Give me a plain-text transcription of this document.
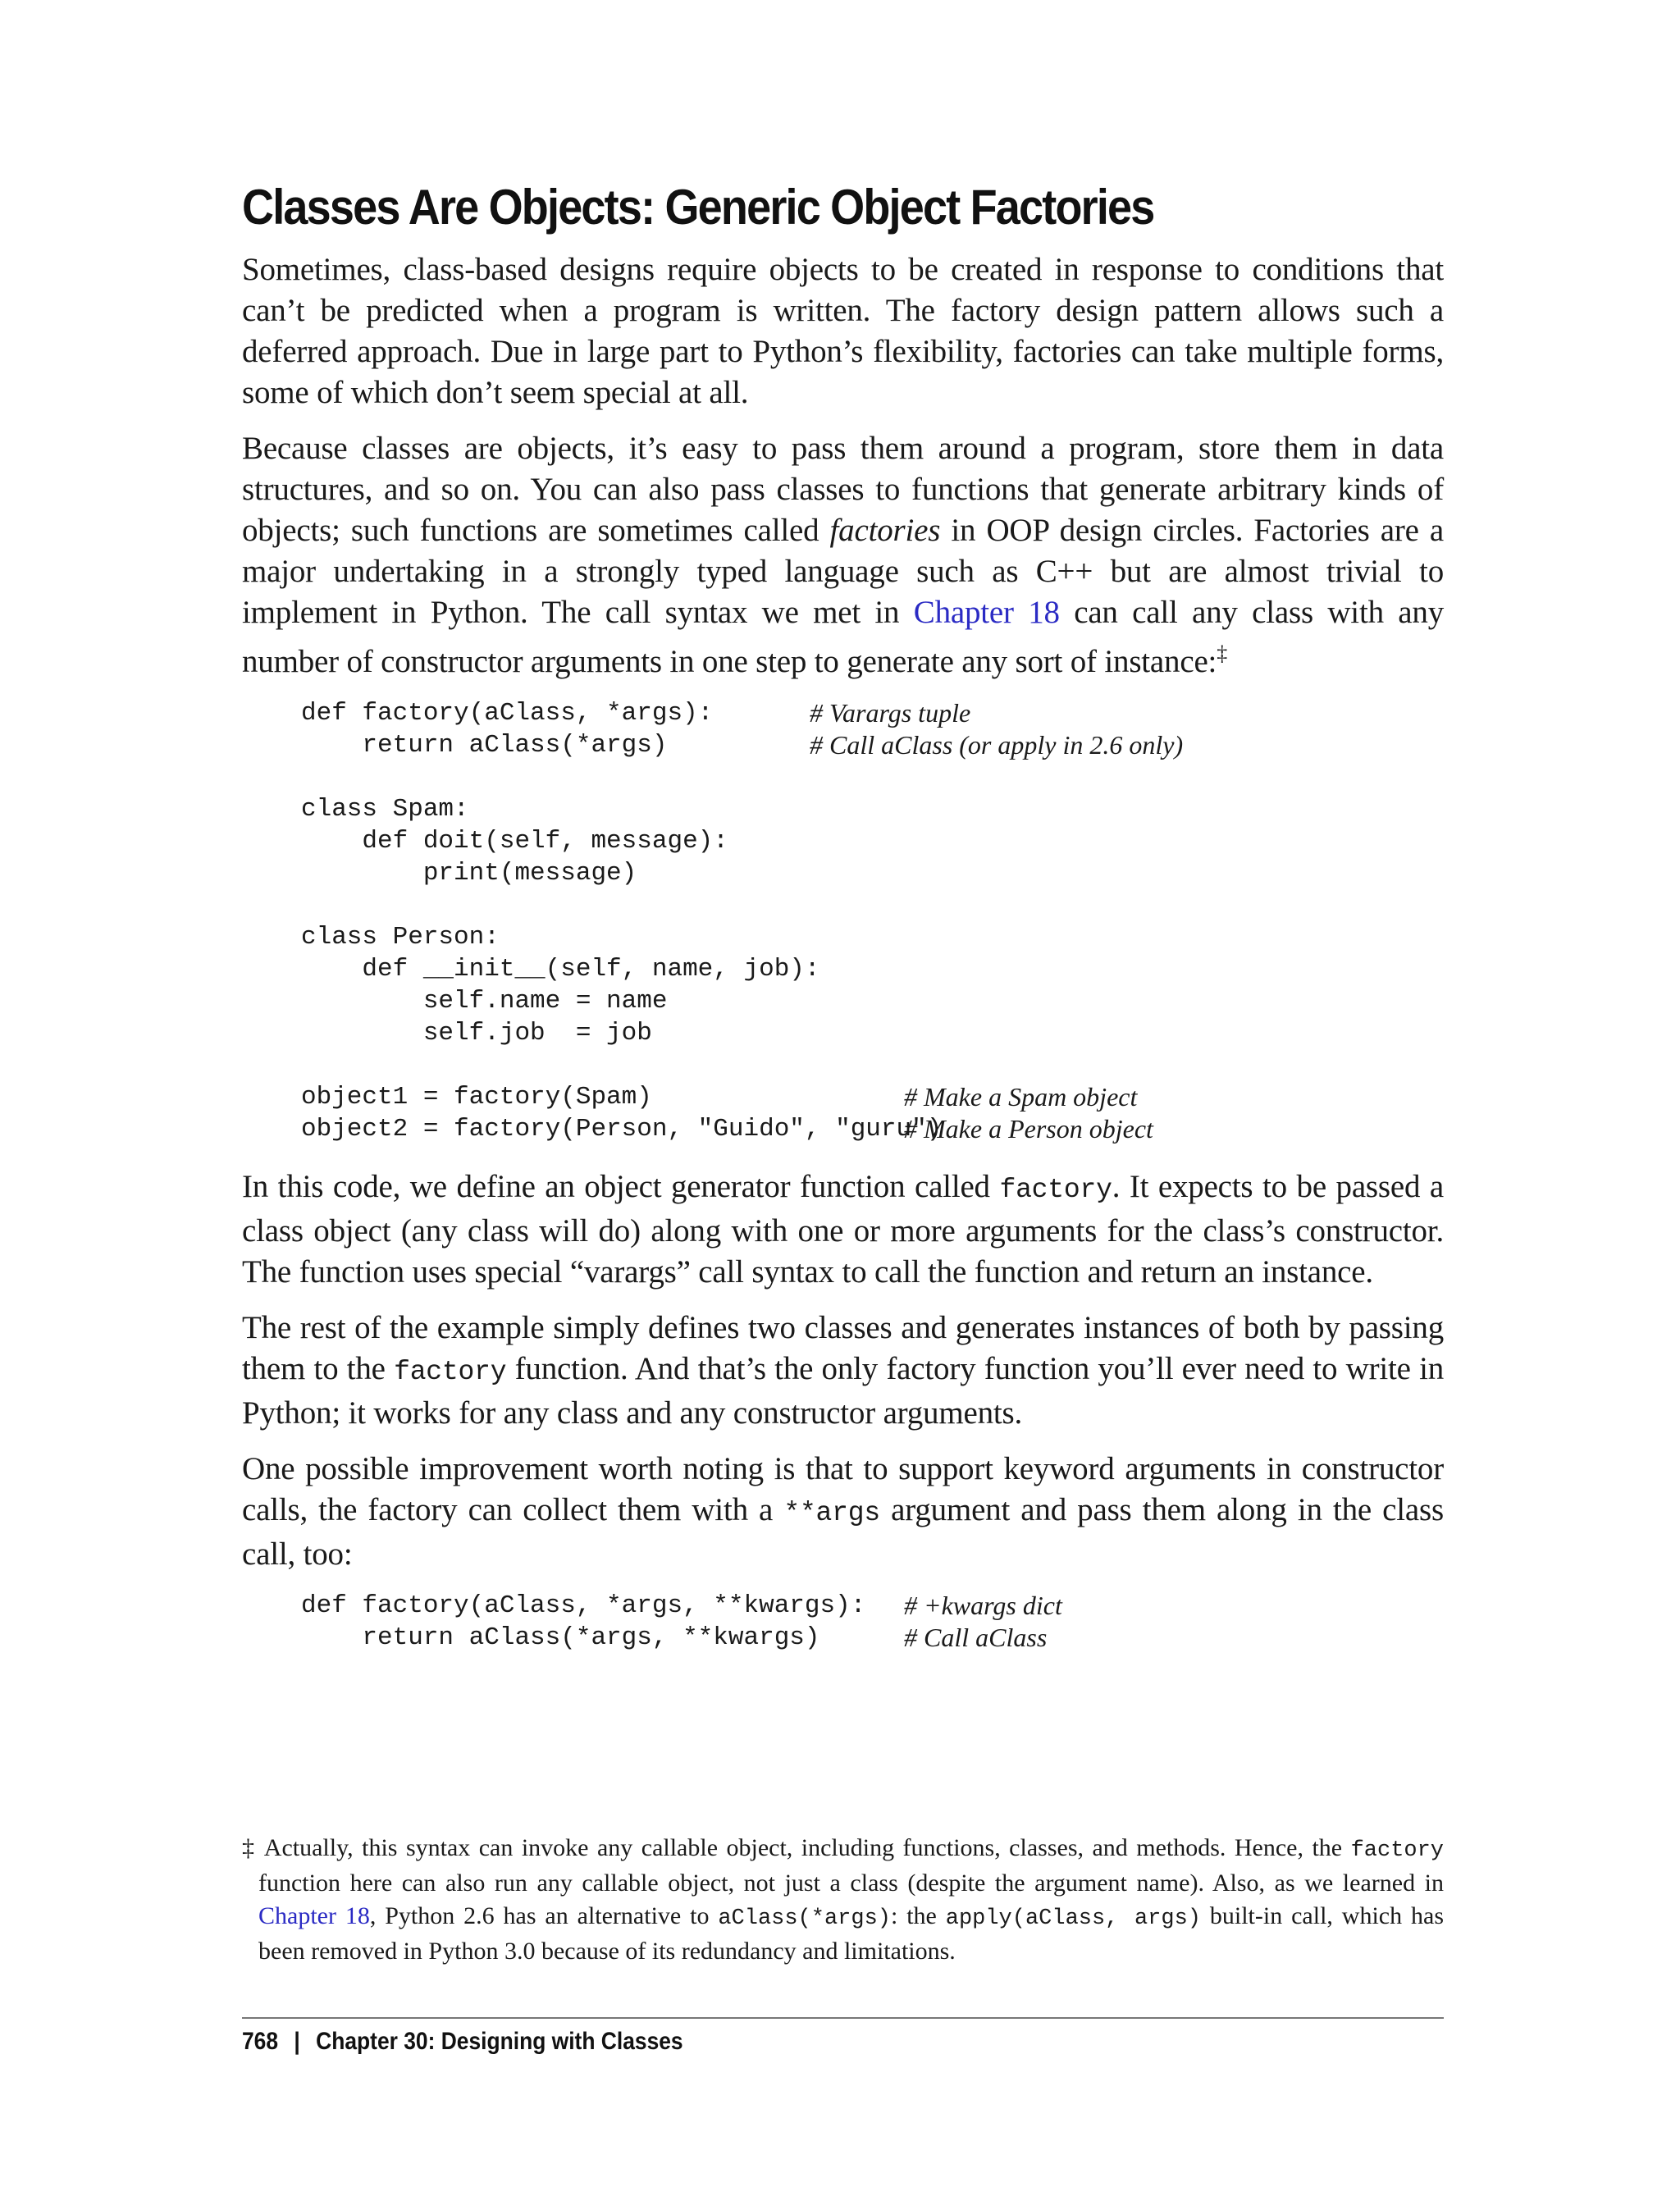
Classes Are Objects: Generic Object Factories

Sometimes, class-based designs require objects to be created in response to conditions that can’t be predicted when a program is written. The factory design pattern allows such a deferred approach. Due in large part to Python’s flexibility, factories can take multiple forms, some of which don’t seem special at all.

Because classes are objects, it’s easy to pass them around a program, store them in data structures, and so on. You can also pass classes to functions that generate arbitrary kinds of objects; such functions are sometimes called factories in OOP design circles. Factories are a major undertaking in a strongly typed language such as C++ but are almost trivial to implement in Python. The call syntax we met in Chapter 18 can call any class with any number of constructor arguments in one step to generate any sort of instance:‡

def factory(aClass, *args):	# Varargs tuple
return aClass(*args)	# Call aClass (or apply in 2.6 only)
class Spam:
def doit(self, message):
print(message)
class Person:
def __init__(self, name, job):
self.name = name
self.job  = job
object1 = factory(Spam)	# Make a Spam object
object2 = factory(Person, "Guido", "guru")
# Make a Person object

In this code, we define an object generator function called factory. It expects to be passed a class object (any class will do) along with one or more arguments for the class’s constructor. The function uses special “varargs” call syntax to call the function and return an instance.

The rest of the example simply defines two classes and generates instances of both by passing them to the factory function. And that’s the only factory function you’ll ever need to write in Python; it works for any class and any constructor arguments.

One possible improvement worth noting is that to support keyword arguments in constructor calls, the factory can collect them with a **args argument and pass them along in the class call, too:

def factory(aClass, *args, **kwargs): # +kwargs dict
return aClass(*args, **kwargs)	# Call aClass
‡ Actually, this syntax can invoke any callable object, including functions, classes, and methods. Hence, the factory function here can also run any callable object, not just a class (despite the argument name). Also, as we learned in Chapter 18, Python 2.6 has an alternative to aClass(*args): the apply(aClass, args) built-in call, which has been removed in Python 3.0 because of its redundancy and limitations.
768 | Chapter 30: Designing with Classes
